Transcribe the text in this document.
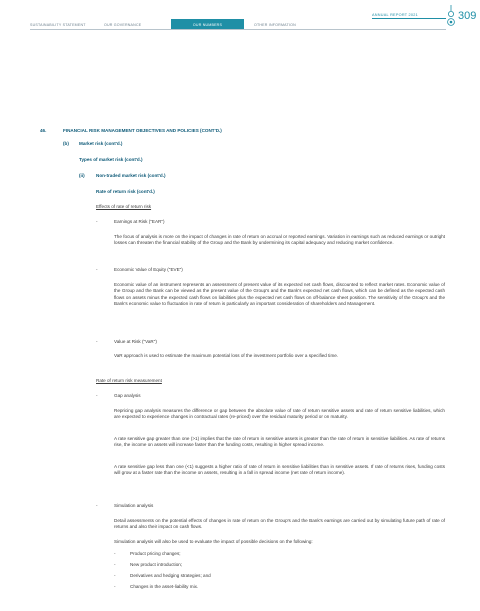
SUSTAINABILITY STATEMENT	OUR GOVERNANCE	OUR NUMBERS	OTHER INFORMATION
ANNUAL REPORT 2021	309
46.	FINANCIAL RISK MANAGEMENT OBJECTIVES AND POLICIES (CONT'D.)
(b) Market risk (cont'd.)
Types of market risk (cont'd.)
(ii) Non-traded market risk (cont'd.)
Rate of return risk (cont'd.)
Effects of rate of return risk
-	Earnings at Risk ("EAR")
The focus of analysis is more on the impact of changes in rate of return on accrual or reported earnings. Variation in earnings such as reduced earnings or outright losses can threaten the financial stability of the Group and the Bank by undermining its capital adequacy and reducing market confidence.
-	Economic Value of Equity ("EVE")
Economic value of an instrument represents an assessment of present value of its expected net cash flows, discounted to reflect market rates. Economic value of the Group and the Bank can be viewed as the present value of the Group's and the Bank's expected net cash flows, which can be defined as the expected cash flows on assets minus the expected cash flows on liabilities plus the expected net cash flows on off-balance sheet position. The sensitivity of the Group's and the Bank's economic value to fluctuation in rate of return is particularly an important consideration of shareholders and Management.
-	Value at Risk ("VaR")
VaR approach is used to estimate the maximum potential loss of the investment portfolio over a specified time.
Rate of return risk measurement
-	Gap analysis
Repricing gap analysis measures the difference or gap between the absolute value of rate of return sensitive assets and rate of return sensitive liabilities, which are expected to experience changes in contractual rates (re-priced) over the residual maturity period or on maturity.
A rate sensitive gap greater than one (>1) implies that the rate of return in sensitive assets is greater than the rate of return in sensitive liabilities. As rate of returns rise, the income on assets will increase faster than the funding costs, resulting in higher spread income.
A rate sensitive gap less than one (<1) suggests a higher ratio of rate of return in sensitive liabilities than in sensitive assets. If rate of returns rises, funding costs will grow at a faster rate than the income on assets, resulting in a fall in spread income (net rate of return income).
-	Simulation analysis
Detail assessments on the potential effects of changes in rate of return on the Group's and the Bank's earnings are carried out by simulating future path of rate of returns and also their impact on cash flows.
Simulation analysis will also be used to evaluate the impact of possible decisions on the following:
-	Product pricing changes;
-	New product introduction;
-	Derivatives and hedging strategies; and
-	Changes in the asset-liability mix.
